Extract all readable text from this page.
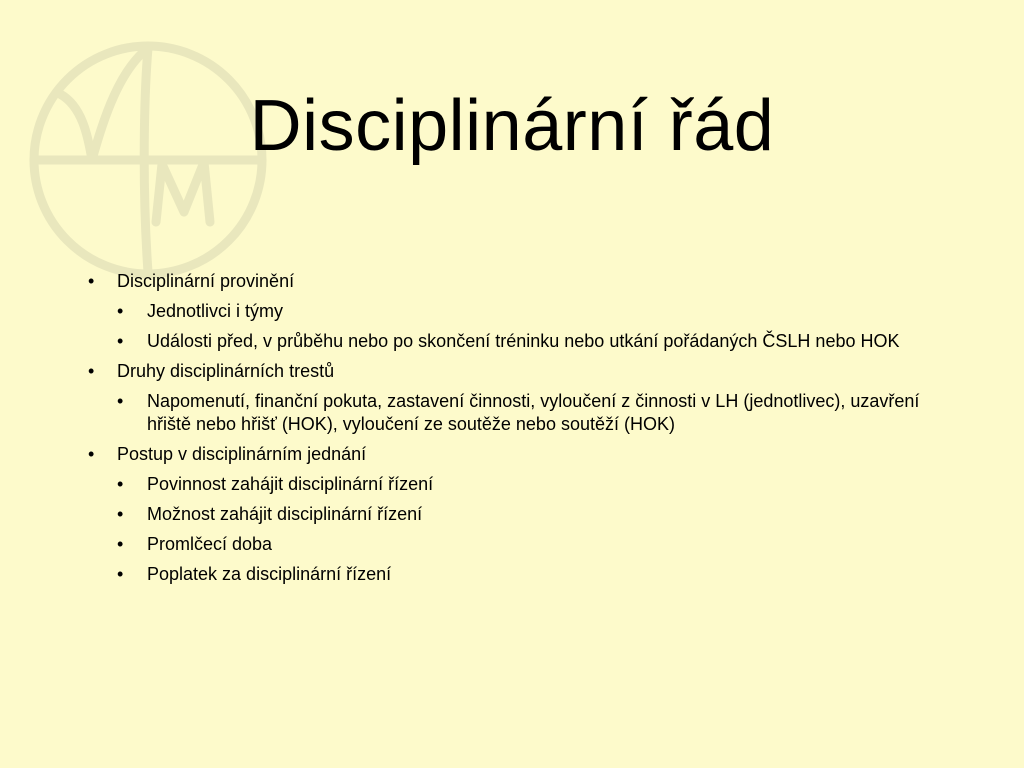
Disciplinární řád
• Disciplinární provinění
• Jednotlivci i týmy
• Události před, v průběhu nebo po skončení tréninku nebo utkání pořádaných ČSLH nebo HOK
• Druhy disciplinárních trestů
• Napomenutí, finanční pokuta, zastavení činnosti, vyloučení z činnosti v LH (jednotlivec), uzavření hřiště nebo hřišť (HOK), vyloučení ze soutěže nebo soutěží (HOK)
• Postup v disciplinárním jednání
• Povinnost zahájit disciplinární řízení
• Možnost zahájit disciplinární řízení
• Promlčecí doba
• Poplatek za disciplinární řízení
